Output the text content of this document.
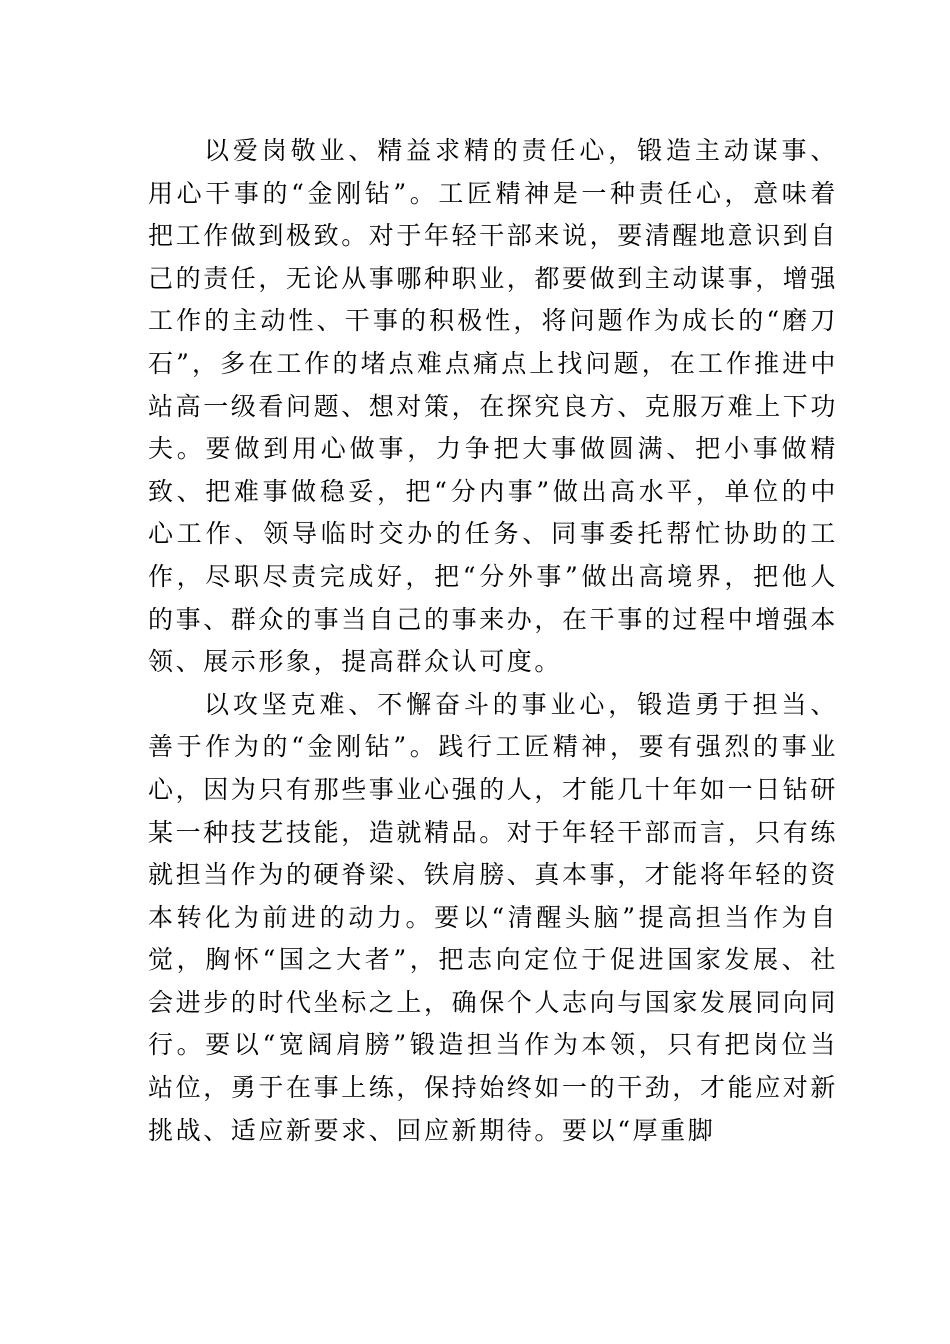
以爱岗敬业、精益求精的责任心，锻造主动谋事、用心干事的“金刚钻”。工匠精神是一种责任心，意味着把工作做到极致。对于年轻干部来说，要清醒地意识到自己的责任，无论从事哪种职业，都要做到主动谋事，增强工作的主动性、干事的积极性，将问题作为成长的“磨刀石”，多在工作的堵点难点痛点上找问题，在工作推进中站高一级看问题、想对策，在探究良方、克服万难上下功夫。要做到用心做事，力争把大事做圆满、把小事做精致、把难事做稳妥，把“分内事”做出高水平，单位的中心工作、领导临时交办的任务、同事委托帮忙协助的工作，尽职尽责完成好，把“分外事”做出高境界，把他人的事、群众的事当自己的事来办，在干事的过程中增强本领、展示形象，提高群众认可度。

以攻坚克难、不懈奋斗的事业心，锻造勇于担当、善于作为的“金刚钻”。践行工匠精神，要有强烈的事业心，因为只有那些事业心强的人，才能几十年如一日钻研某一种技艺技能，造就精品。对于年轻干部而言，只有练就担当作为的硬脊梁、铁肩膀、真本事，才能将年轻的资本转化为前进的动力。要以“清醒头脑”提高担当作为自觉，胸怀“国之大者”，把志向定位于促进国家发展、社会进步的时代坐标之上，确保个人志向与国家发展同向同行。要以“宽阔肩膀”锻造担当作为本领，只有把岗位当站位，勇于在事上练，保持始终如一的干劲，才能应对新挑战、适应新要求、回应新期待。要以“厚重脚
